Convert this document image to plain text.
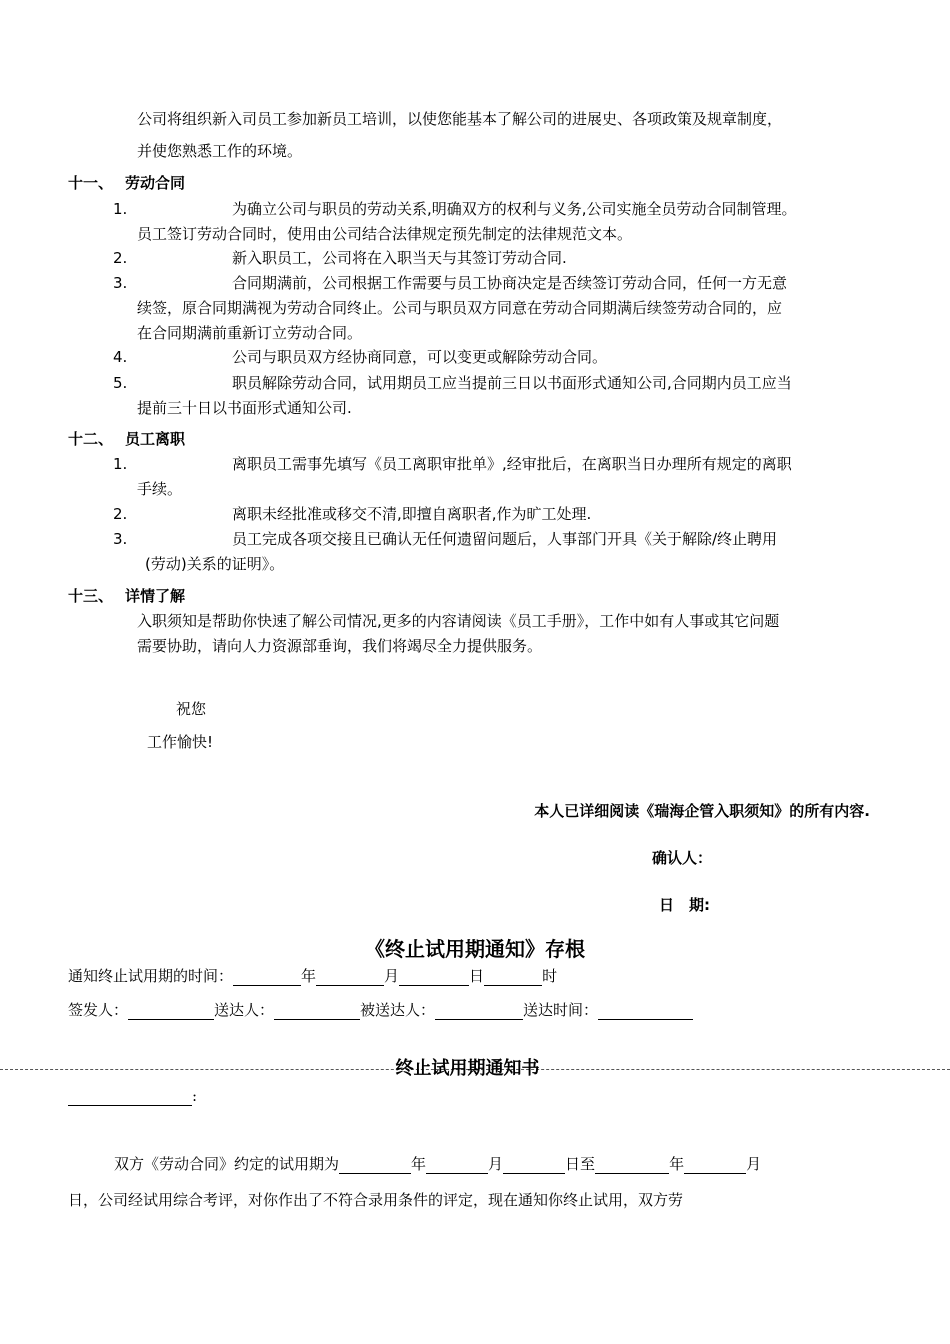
公司将组织新入司员工参加新员工培训，以使您能基本了解公司的进展史、各项政策及规章制度，
并使您熟悉工作的环境。
十一、 劳动合同
1.	为确立公司与职员的劳动关系,明确双方的权利与义务,公司实施全员劳动合同制管理。
员工签订劳动合同时，使用由公司结合法律规定预先制定的法律规范文本。
2.	新入职员工，公司将在入职当天与其签订劳动合同.
3.	合同期满前，公司根据工作需要与员工协商决定是否续签订劳动合同，任何一方无意
续签，原合同期满视为劳动合同终止。公司与职员双方同意在劳动合同期满后续签劳动合同的，应
在合同期满前重新订立劳动合同。
4.	公司与职员双方经协商同意，可以变更或解除劳动合同。
5.	职员解除劳动合同，试用期员工应当提前三日以书面形式通知公司,合同期内员工应当
提前三十日以书面形式通知公司.
十二、 员工离职
1.	离职员工需事先填写《员工离职审批单》,经审批后，在离职当日办理所有规定的离职
手续。
2.	离职未经批准或移交不清,即擅自离职者,作为旷工处理.
3.	员工完成各项交接且已确认无任何遗留问题后，人事部门开具《关于解除/终止聘用
(劳动)关系的证明》。
十三、 详情了解
入职须知是帮助你快速了解公司情况,更多的内容请阅读《员工手册》，工作中如有人事或其它问题
需要协助，请向人力资源部垂询，我们将竭尽全力提供服务。
祝您
工作愉快!
本人已详细阅读《瑞海企管入职须知》的所有内容.
确认人：
日　期:
《终止试用期通知》存根
通知终止试用期的时间：	年	月	日	时
签发人：	送达人：	被送达人：	送达时间：
终止试用期通知书
:
双方《劳动合同》约定的试用期为	年	月	日至	年	月
日，公司经试用综合考评，对你作出了不符合录用条件的评定，现在通知你终止试用，双方劳
